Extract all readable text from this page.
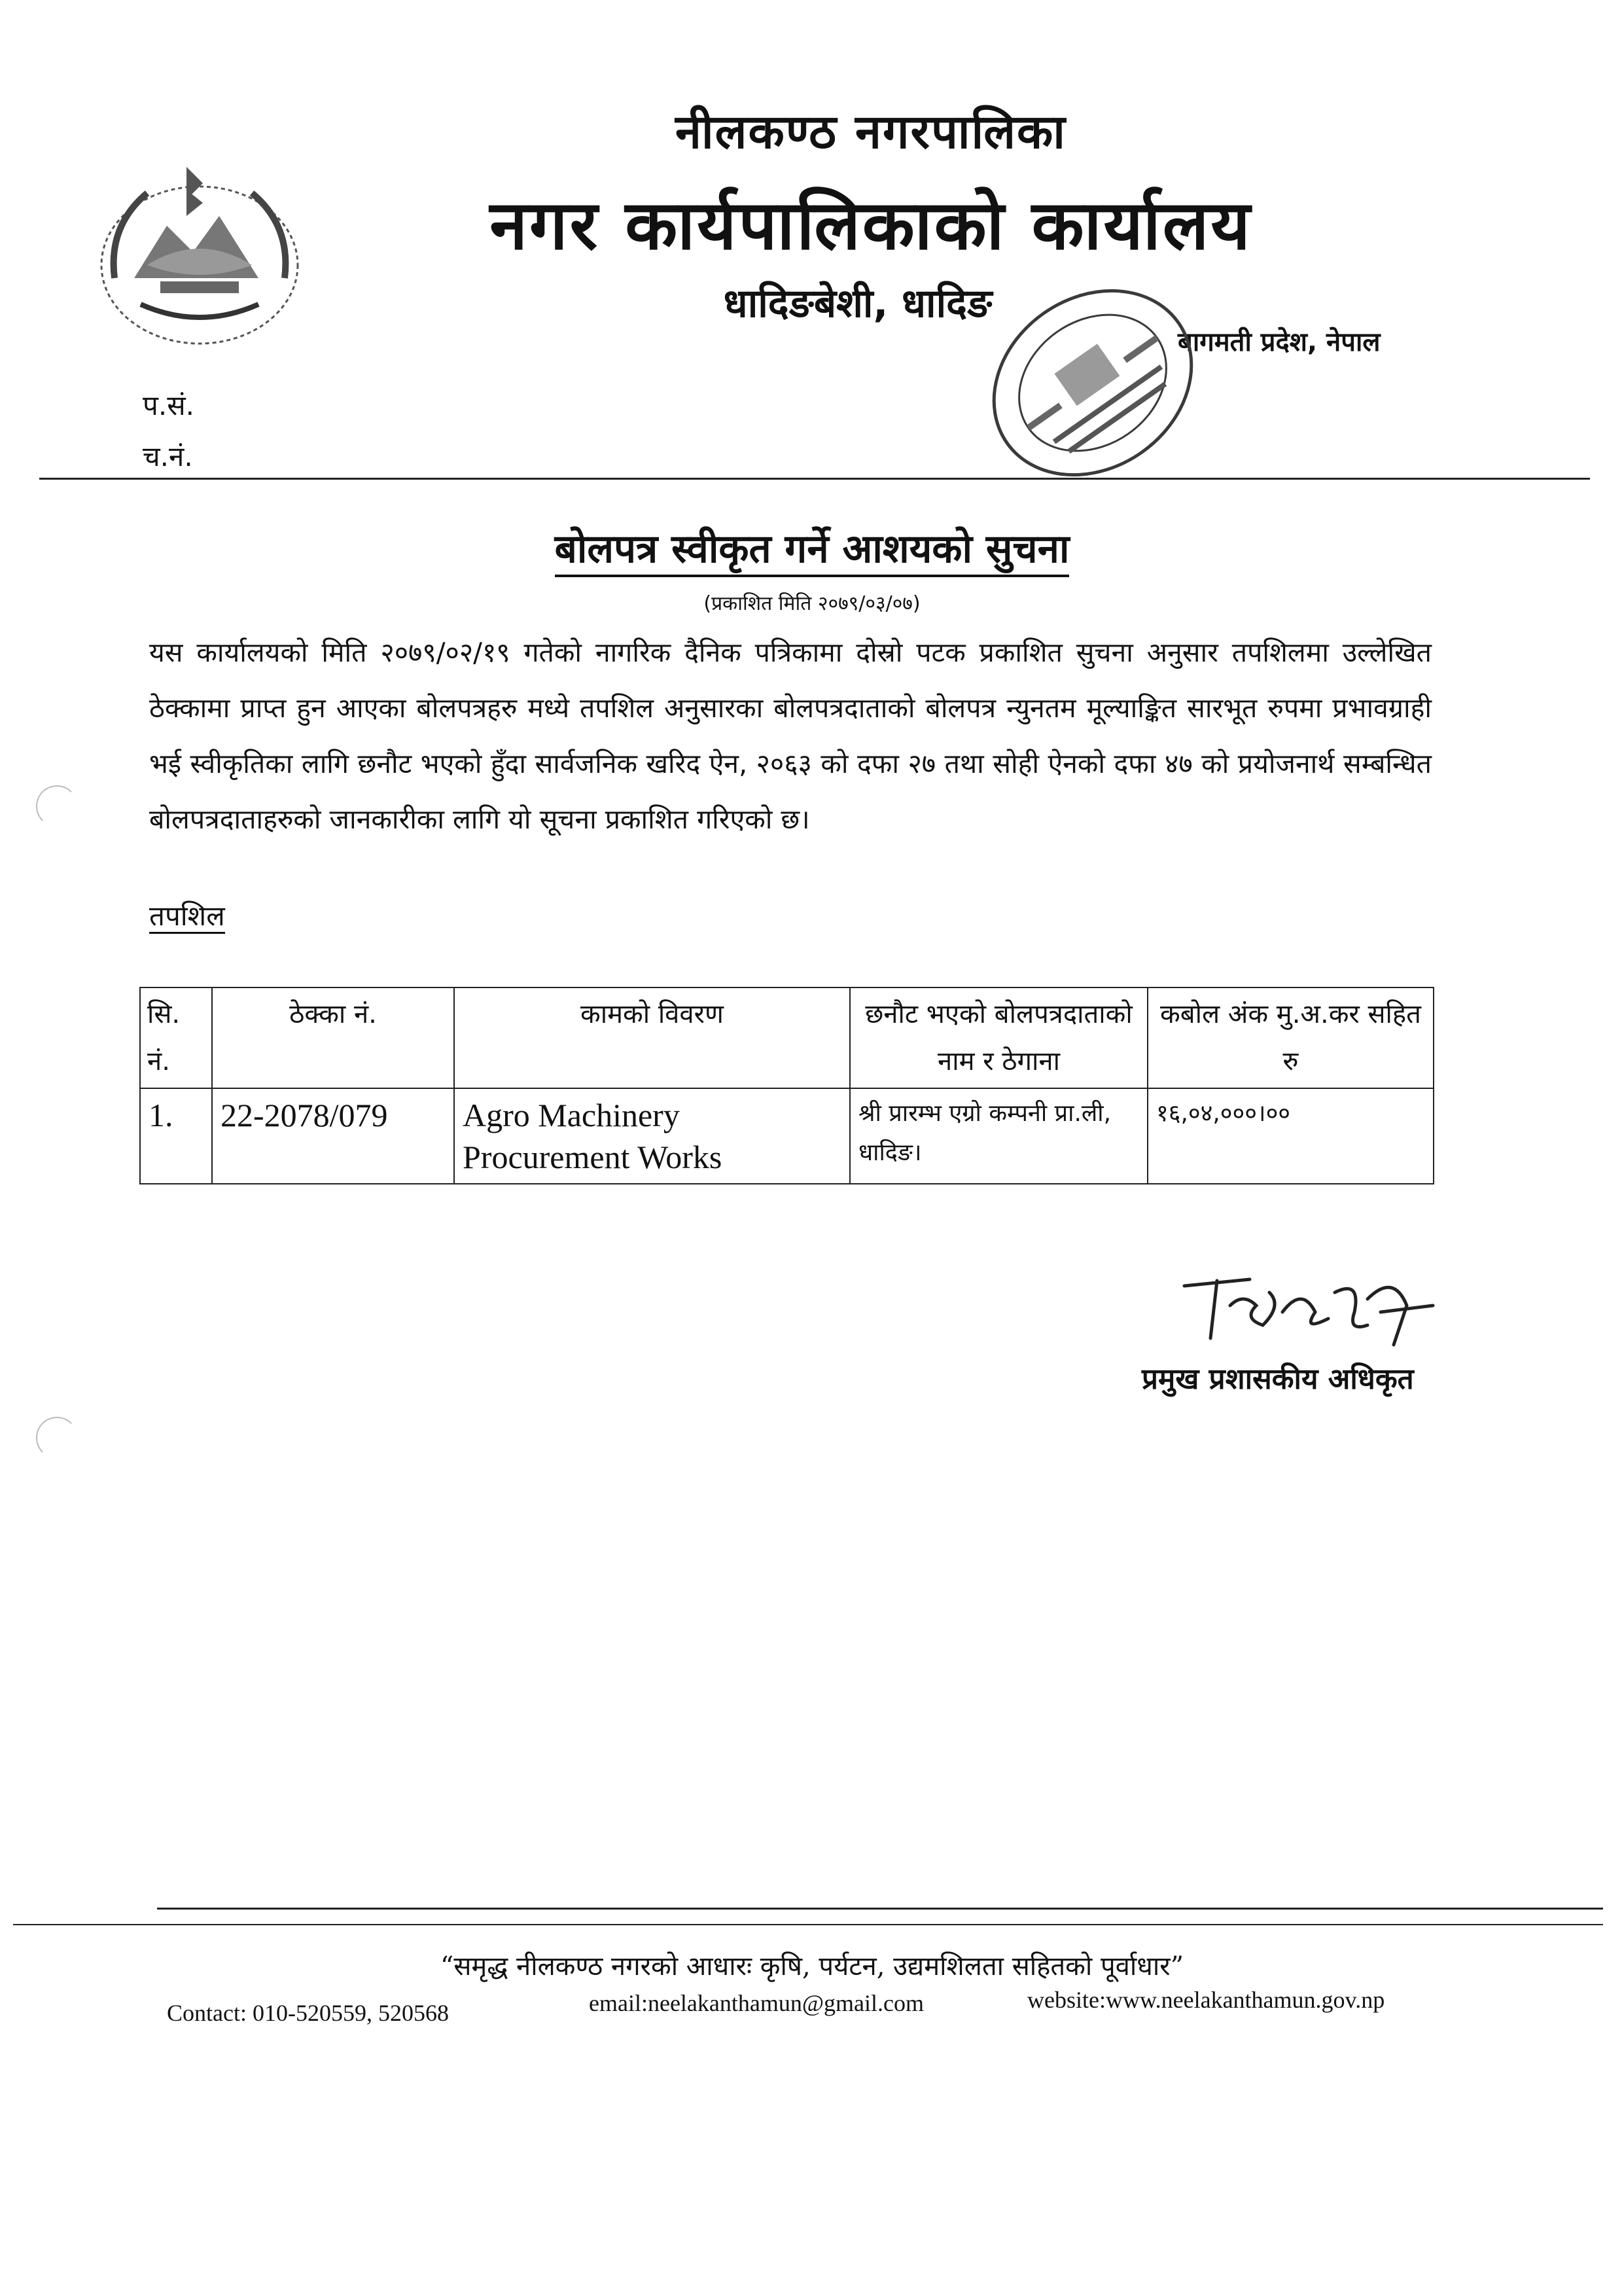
नीलकण्ठ नगरपालिका
नगर कार्यपालिकाको कार्यालय
धादिङबेशी, धादिङ
बागमती प्रदेश, नेपाल
प.सं.
च.नं.
बोलपत्र स्वीकृत गर्ने आशयको सुचना
(प्रकाशित मिति २०७९/०३/०७)
यस कार्यालयको मिति २०७९/०२/१९ गतेको नागरिक दैनिक पत्रिकामा दोस्रो पटक प्रकाशित सुचना अनुसार तपशिलमा उल्लेखित ठेक्कामा प्राप्त हुन आएका बोलपत्रहरु मध्ये तपशिल अनुसारका बोलपत्रदाताको बोलपत्र न्युनतम मूल्याङ्कित सारभूत रुपमा प्रभावग्राही भई स्वीकृतिका लागि छनौट भएको हुँदा सार्वजनिक खरिद ऐन, २०६३ को दफा २७ तथा सोही ऐनको दफा ४७ को प्रयोजनार्थ सम्बन्धित बोलपत्रदाताहरुको जानकारीका लागि यो सूचना प्रकाशित गरिएको छ।
तपशिल
सि. नं.	ठेक्का नं.	कामको विवरण	छनौट भएको बोलपत्रदाताको नाम र ठेगाना	कबोल अंक मु.अ.कर सहित रु
1.	22-2078/079	Agro Machinery Procurement Works	श्री प्रारम्भ एग्रो कम्पनी प्रा.ली, धादिङ।	१६,०४,०००।००
प्रमुख प्रशासकीय अधिकृत
“समृद्ध नीलकण्ठ नगरको आधारः कृषि, पर्यटन, उद्यमशिलता सहितको पूर्वाधार”
Contact: 010-520559, 520568	email:neelakanthamun@gmail.com	website:www.neelakanthamun.gov.np
